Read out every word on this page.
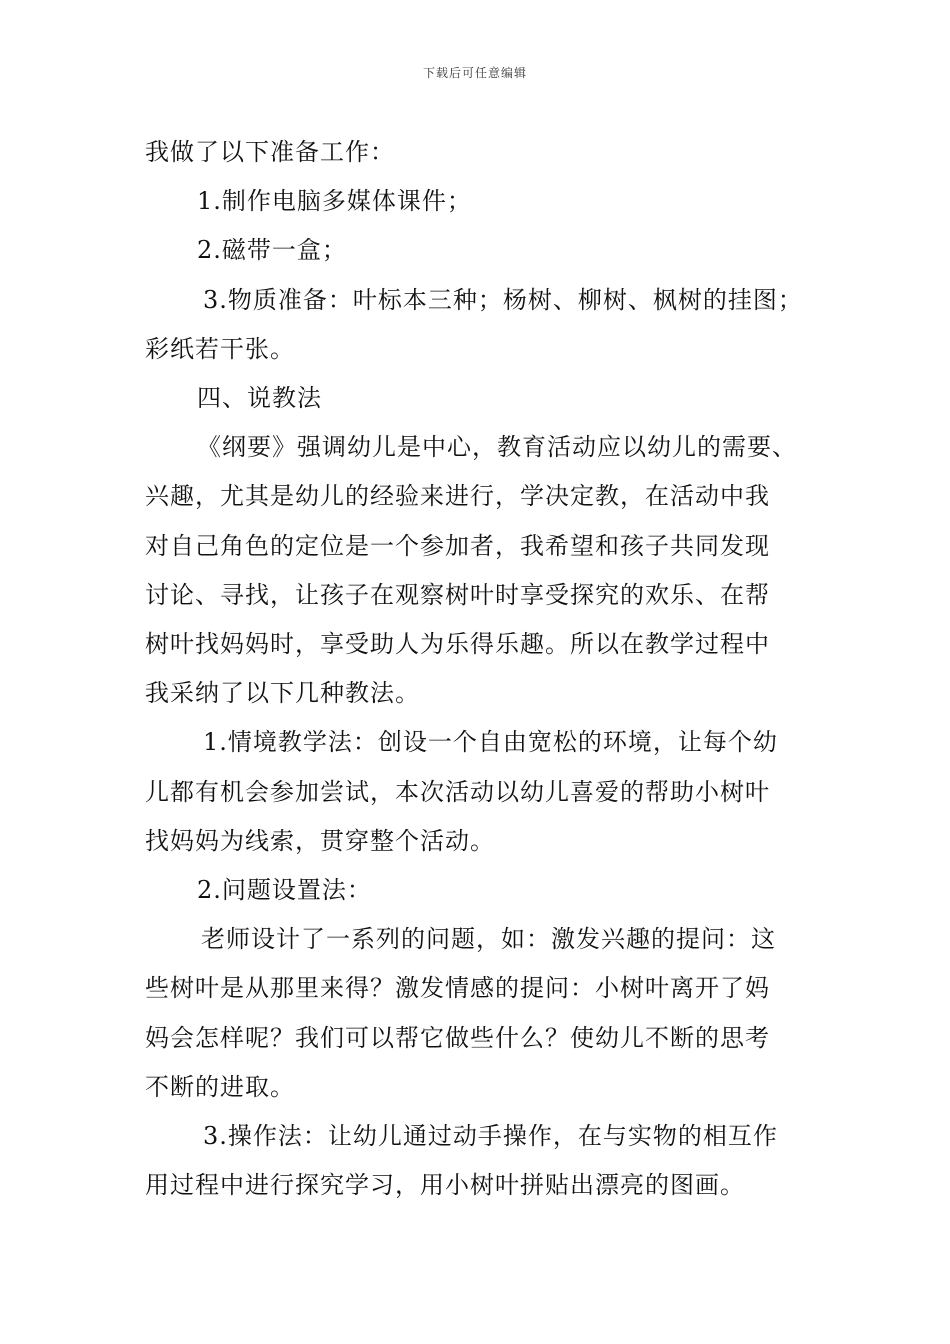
下载后可任意编辑

我做了以下准备工作：

1.制作电脑多媒体课件；

2.磁带一盒；

3.物质准备：叶标本三种；杨树、柳树、枫树的挂图；

彩纸若干张。

四、说教法

《纲要》强调幼儿是中心，教育活动应以幼儿的需要、

兴趣，尤其是幼儿的经验来进行，学决定教，在活动中我

对自己角色的定位是一个参加者，我希望和孩子共同发现

讨论、寻找，让孩子在观察树叶时享受探究的欢乐、在帮

树叶找妈妈时，享受助人为乐得乐趣。所以在教学过程中

我采纳了以下几种教法。

1.情境教学法：创设一个自由宽松的环境，让每个幼

儿都有机会参加尝试，本次活动以幼儿喜爱的帮助小树叶

找妈妈为线索，贯穿整个活动。

2.问题设置法：

老师设计了一系列的问题，如：激发兴趣的提问：这

些树叶是从那里来得？激发情感的提问：小树叶离开了妈

妈会怎样呢？我们可以帮它做些什么？使幼儿不断的思考

不断的进取。

3.操作法：让幼儿通过动手操作，在与实物的相互作

用过程中进行探究学习，用小树叶拼贴出漂亮的图画。
